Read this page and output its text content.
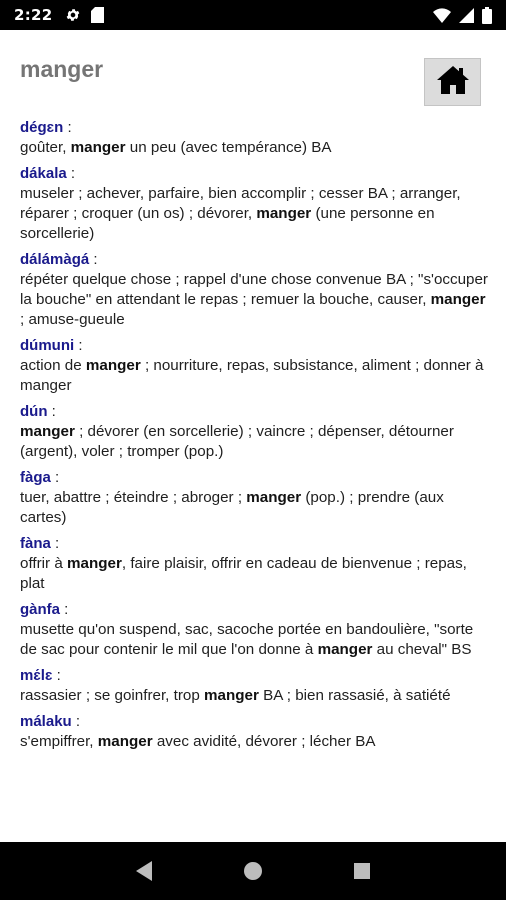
2:22
manger
dégɛn :
goûter, manger un peu (avec tempérance) BA
dákala :
museler ; achever, parfaire, bien accomplir ; cesser BA ; arranger, réparer ; croquer (un os) ; dévorer, manger (une personne en sorcellerie)
dálámàgá :
répéter quelque chose ; rappel d'une chose convenue BA ; "s'occuper la bouche" en attendant le repas ; remuer la bouche, causer, manger ; amuse-gueule
dúmuni :
action de manger ; nourriture, repas, subsistance, aliment ; donner à manger
dún :
manger ; dévorer (en sorcellerie) ; vaincre ; dépenser, détourner (argent), voler ; tromper (pop.)
fàga :
tuer, abattre ; éteindre ; abroger ; manger (pop.) ; prendre (aux cartes)
fàna :
offrir à manger, faire plaisir, offrir en cadeau de bienvenue ; repas, plat
gànfa :
musette qu'on suspend, sac, sacoche portée en bandoulière, "sorte de sac pour contenir le mil que l'on donne à manger au cheval" BS
mɛ́lɛ :
rassasier ; se goinfrer, trop manger BA ; bien rassasié, à satiété
málaku :
s'empiffrer, manger avec avidité, dévorer ; lécher BA
